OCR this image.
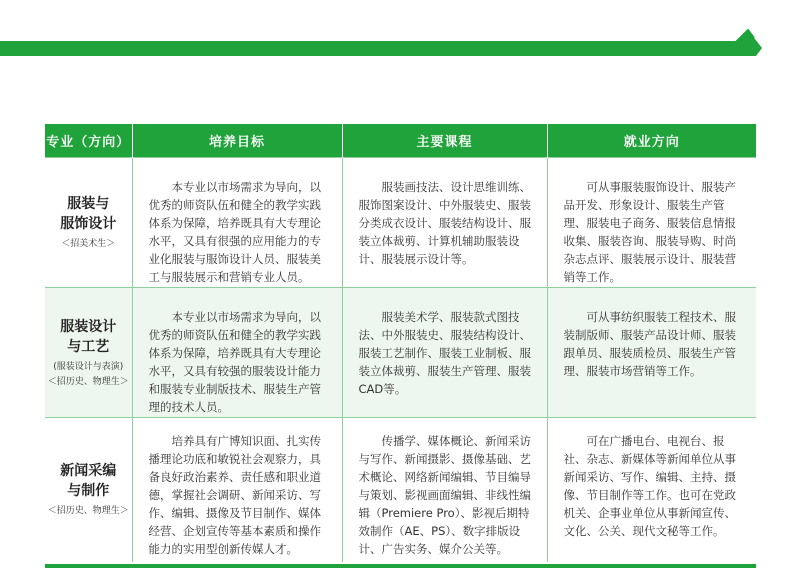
专业（方向）	培养目标	主要课程	就业方向

服装与
服饰设计
＜招美术生＞	本专业以市场需求为导向，以优秀的师资队伍和健全的教学实践体系为保障，培养既具有大专理论水平，又具有很强的应用能力的专业化服装与服饰设计人员、服装美工与服装展示和营销专业人员。	服装画技法、设计思维训练、服饰图案设计、中外服装史、服装分类成衣设计、服装结构设计、服装立体裁剪、计算机辅助服装设计、服装展示设计等。	可从事服装服饰设计、服装产品开发、形象设计、服装生产管理、服装电子商务、服装信息情报收集、服装咨询、服装导购、时尚杂志点评、服装展示设计、服装营销等工作。

服装设计
与工艺
(服装设计与表演)
＜招历史、物理生＞	本专业以市场需求为导向，以优秀的师资队伍和健全的教学实践体系为保障，培养既具有大专理论水平，又具有较强的服装设计能力和服装专业制版技术、服装生产管理的技术人员。	服装美术学、服装款式图技法、中外服装史、服装结构设计、服装工艺制作、服装工业制板、服装立体裁剪、服装生产管理、服装CAD等。	可从事纺织服装工程技术、服装制版师、服装产品设计师、服装跟单员、服装质检员、服装生产管理、服装市场营销等工作。

新闻采编
与制作
＜招历史、物理生＞	培养具有广博知识面、扎实传播理论功底和敏锐社会观察力，具备良好政治素养、责任感和职业道德，掌握社会调研、新闻采访、写作、编辑、摄像及节目制作、媒体经营、企划宣传等基本素质和操作能力的实用型创新传媒人才。	传播学、媒体概论、新闻采访与写作、新闻摄影、摄像基础、艺术概论、网络新闻编辑、节目编导与策划、影视画面编辑、非线性编辑（Premiere Pro）、影视后期特效制作（AE、PS）、数字排版设计、广告实务、媒介公关等。	可在广播电台、电视台、报社、杂志、新媒体等新闻单位从事新闻采访、写作、编辑、主持、摄像、节目制作等工作。也可在党政机关、企事业单位从事新闻宣传、文化、公关、现代文秘等工作。
